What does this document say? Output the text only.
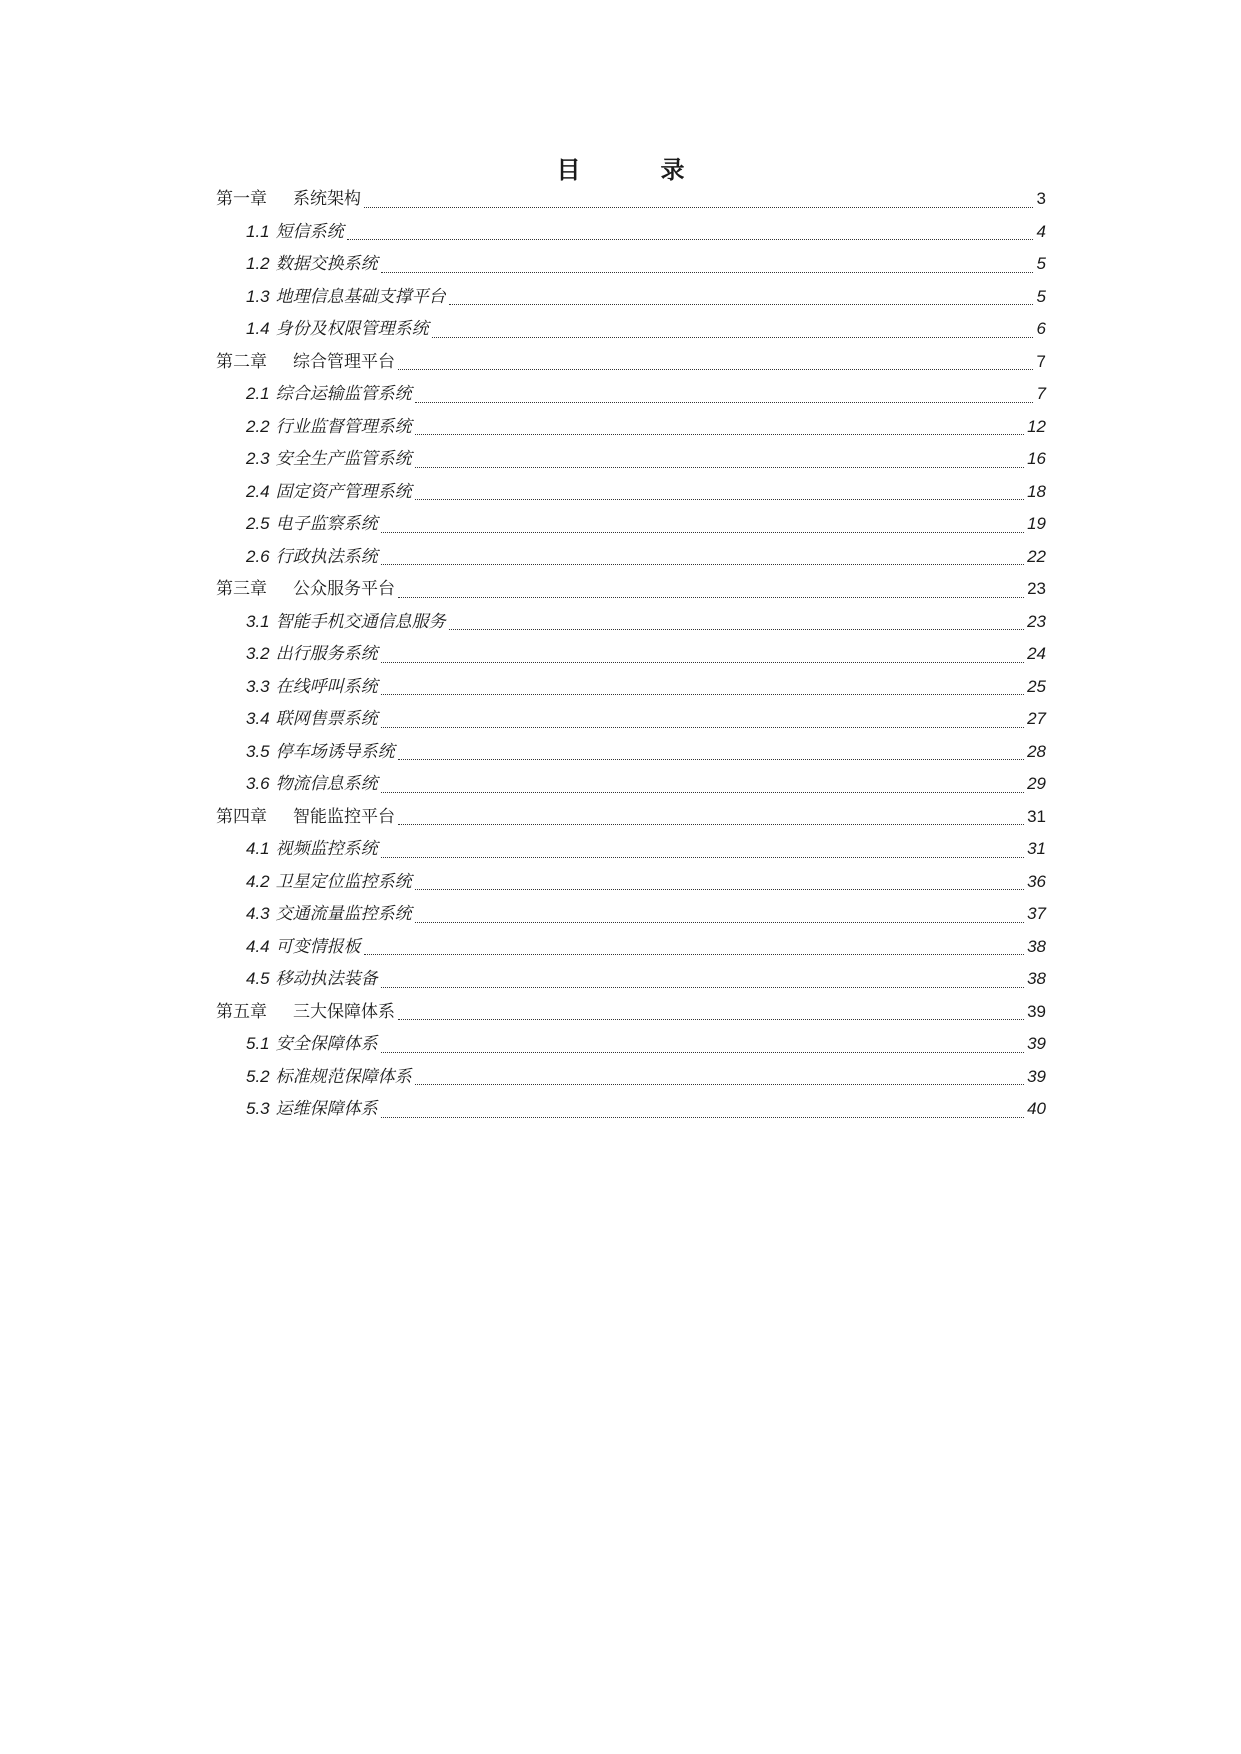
目　录
第一章 系统架构	3
1.1 短信系统	4
1.2 数据交换系统	5
1.3 地理信息基础支撑平台	5
1.4 身份及权限管理系统	6
第二章 综合管理平台	7
2.1 综合运输监管系统	7
2.2 行业监督管理系统	12
2.3 安全生产监管系统	16
2.4 固定资产管理系统	18
2.5 电子监察系统	19
2.6 行政执法系统	22
第三章 公众服务平台	23
3.1 智能手机交通信息服务	23
3.2 出行服务系统	24
3.3 在线呼叫系统	25
3.4 联网售票系统	27
3.5 停车场诱导系统	28
3.6 物流信息系统	29
第四章 智能监控平台	31
4.1 视频监控系统	31
4.2 卫星定位监控系统	36
4.3 交通流量监控系统	37
4.4 可变情报板	38
4.5 移动执法装备	38
第五章 三大保障体系	39
5.1 安全保障体系	39
5.2 标准规范保障体系	39
5.3 运维保障体系	40
